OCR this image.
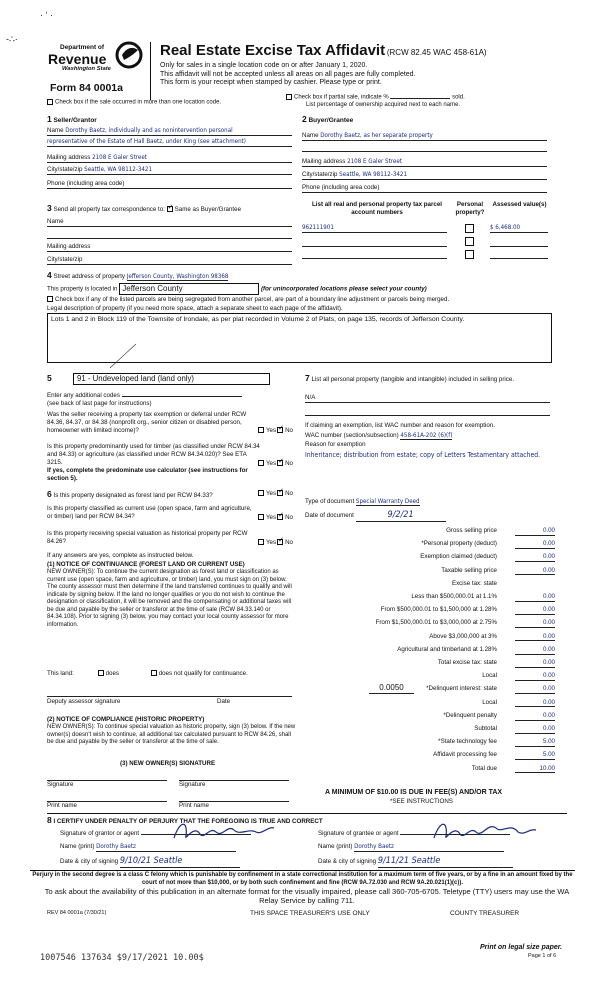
· ‘ ·
-∴·
Department of
Revenue
Washington State
Form 84 0001a
Real Estate Excise Tax Affidavit (RCW 82.45 WAC 458-61A)
Only for sales in a single location code on or after January 1, 2020.
This affidavit will not be accepted unless all areas on all pages are fully completed.
This form is your receipt when stamped by cashier. Please type or print.
Check box if the sale occurred in more than one location code.
Check box if partial sale, indicate %	sold.
List percentage of ownership acquired next to each name.
1 Seller/Grantor
Name Dorothy Baetz, individually and as nonintervention personal
representative of the Estate of Hall Baetz, under King (see attachment)
Mailing address 2108 E Galer Street
City/state/zip Seattle, WA 98112-3421
Phone (including area code)
2 Buyer/Grantee
Name Dorothy Baetz, as her separate property
Mailing address 2108 E Galer Street
City/state/zip Seattle, WA 98112-3421
Phone (including area code)
3 Send all property tax correspondence to: ✓ Same as Buyer/Grantee
Name
Mailing address
City/state/zip
List all real and personal property tax parcel account numbers
Personal property?
Assessed value(s)
962111901	$ 6,468.00
4 Street address of property Jefferson County, Washington 98368
This property is located in Jefferson County	(for unincorporated locations please select your county)
Check box if any of the listed parcels are being segregated from another parcel, are part of a boundary line adjustment or parcels being merged.
Legal description of property (if you need more space, attach a separate sheet to each page of the affidavit).
Lots 1 and 2 in Block 119 of the Townsite of Irondale, as per plat recorded in Volume 2 of Plats, on page 135, records of Jefferson County.
5	91 - Undeveloped land (land only)
Enter any additional codes
(see back of last page for instructions)
Was the seller receiving a property tax exemption or deferral under RCW 84.36, 84.37, or 84.38 (nonprofit org., senior citizen or disabled person, homeowner with limited income)?	Yes ✓ No
Is this property predominantly used for timber (as classified under RCW 84.34 and 84.33) or agriculture (as classified under RCW 84.34.020)? See ETA 3215.	Yes ✓ No
If yes, complete the predominate use calculator (see instructions for section 5).
6 Is this property designated as forest land per RCW 84.33?	Yes ✓ No
Is this property classified as current use (open space, farm and agriculture, or timber) land per RCW 84.34?	Yes ✓ No
Is this property receiving special valuation as historical property per RCW 84.26?	Yes ✓ No
If any answers are yes, complete as instructed below.
(1) NOTICE OF CONTINUANCE (FOREST LAND OR CURRENT USE)
NEW OWNER(S): To continue the current designation as forest land or classification as current use (open space, farm and agriculture, or timber) land, you must sign on (3) below. The county assessor must then determine if the land transferred continues to qualify and will indicate by signing below. If the land no longer qualifies or you do not wish to continue the designation or classification, it will be removed and the compensating or additional taxes will be due and payable by the seller or transferor at the time of sale (RCW 84.33.140 or 84.34.108). Prior to signing (3) below, you may contact your local county assessor for more information.
This land:	does	does not qualify for continuance.
Deputy assessor signature	Date
(2) NOTICE OF COMPLIANCE (HISTORIC PROPERTY)
NEW OWNER(S): To continue special valuation as historic property, sign (3) below. If the new owner(s) doesn't wish to continue, all additional tax calculated pursuant to RCW 84.26, shall be due and payable by the seller or transferor at the time of sale.
(3) NEW OWNER(S) SIGNATURE
Signature	Signature
Print name	Print name
7 List all personal property (tangible and intangible) included in selling price.
N/A
If claiming an exemption, list WAC number and reason for exemption.
WAC number (section/subsection) 458-61A-202 (6)(f)
Reason for exemption
Inheritance; distribution from estate; copy of Letters Testamentary attached.
Type of document Special Warranty Deed
Date of document	9/2/21
Gross selling price	0.00
*Personal property (deduct)	0.00
Exemption claimed (deduct)	0.00
Taxable selling price	0.00
Excise tax: state
Less than $500,000.01 at 1.1%	0.00
From $500,000.01 to $1,500,000 at 1.28%	0.00
From $1,500,000.01 to $3,000,000 at 2.75%	0.00
Above $3,000,000 at 3%	0.00
Agricultural and timberland at 1.28%	0.00
Total excise tax: state	0.00
Local	0.00
*Delinquent interest: state	0.00
Local	0.00
*Delinquent penalty	0.00
Subtotal	0.00
*State technology fee	5.00
Affidavit processing fee	5.00
Total due	10.00
0.0050
A MINIMUM OF $10.00 IS DUE IN FEE(S) AND/OR TAX
*SEE INSTRUCTIONS
8 I CERTIFY UNDER PENALTY OF PERJURY THAT THE FOREGOING IS TRUE AND CORRECT
Signature of grantor or agent
Name (print) Dorothy Baetz
Date & city of signing 9/10/21 Seattle
Signature of grantee or agent
Name (print) Dorothy Baetz
Date & city of signing 9/11/21 Seattle
Perjury in the second degree is a class C felony which is punishable by confinement in a state correctional institution for a maximum term of five years, or by a fine in an amount fixed by the court of not more than $10,000, or by both such confinement and fine (RCW 9A.72.030 and RCW 9A.20.021(1)(c)).
To ask about the availability of this publication in an alternate format for the visually impaired, please call 360-705-6705. Teletype (TTY) users may use the WA Relay Service by calling 711.
REV 84 0001a (7/30/21)	THIS SPACE TREASURER'S USE ONLY	COUNTY TREASURER
Print on legal size paper.
Page 1 of 6
1007546 137634 $9/17/2021 10.00$
